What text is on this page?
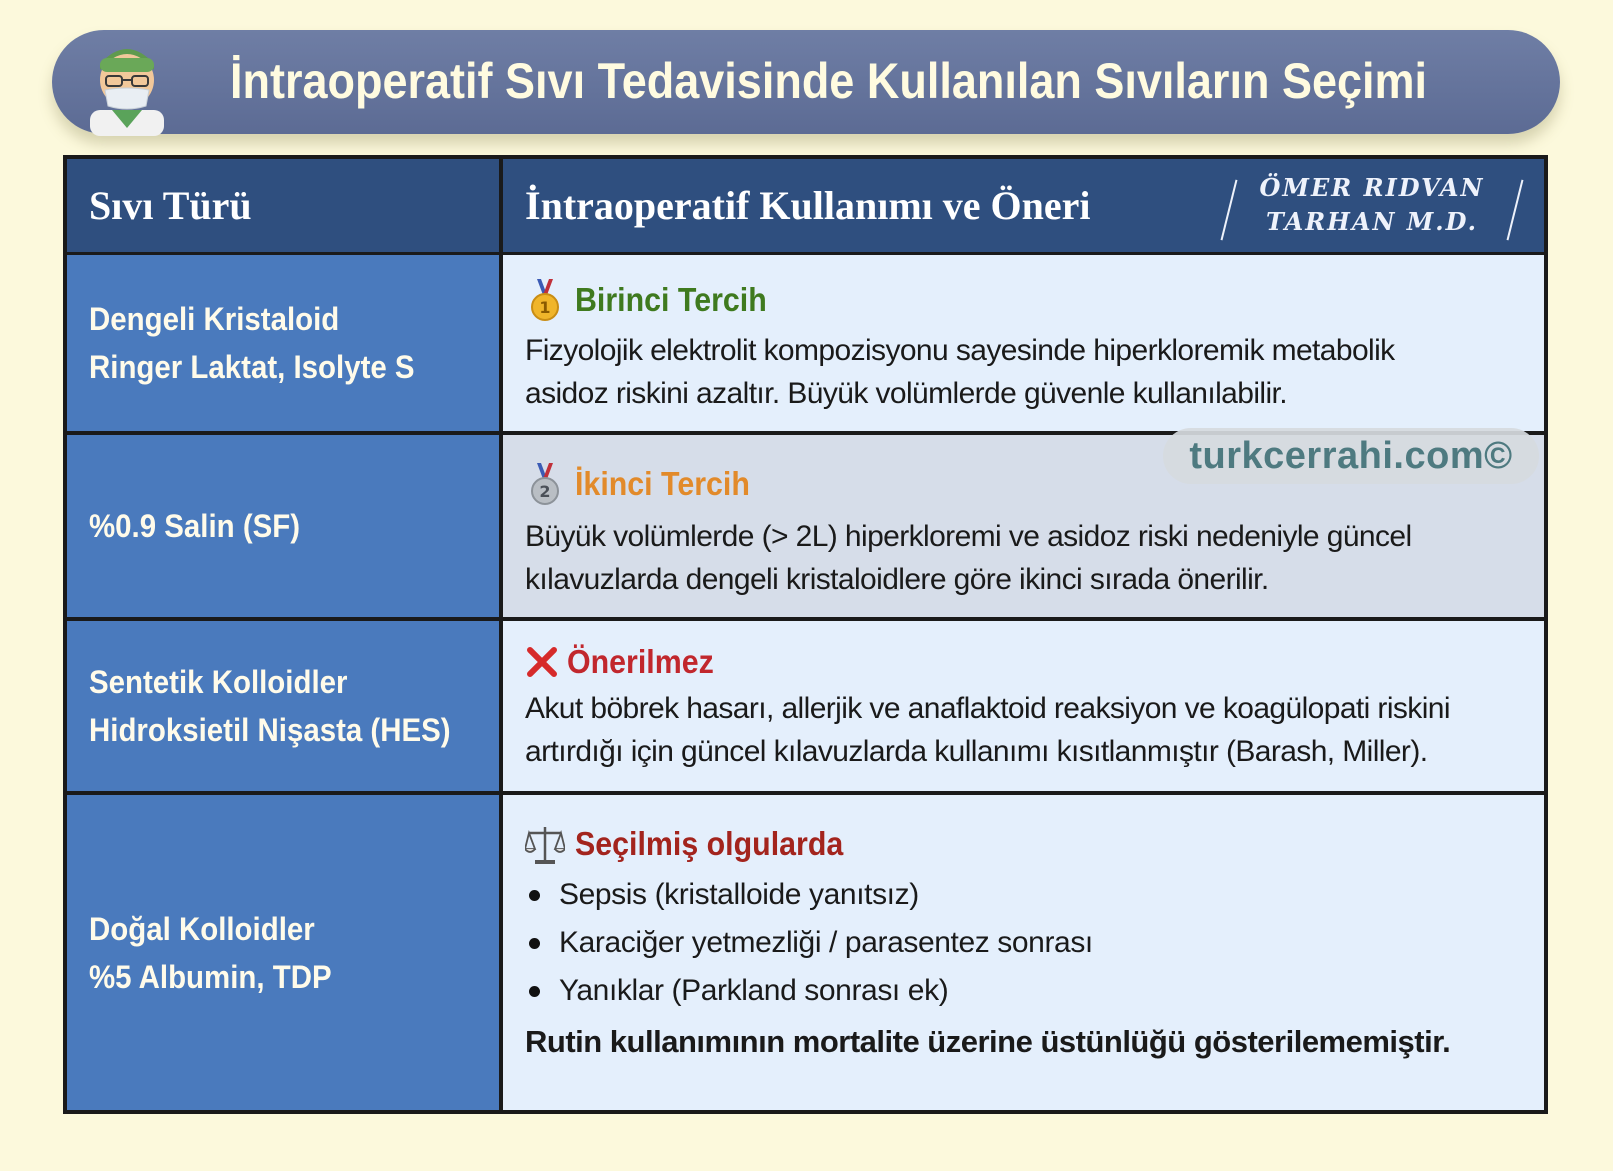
İntraoperatif Sıvı Tedavisinde Kullanılan Sıvıların Seçimi
Sıvı Türü	İntraoperatif Kullanımı ve Öneri	ÖMER RIDVAN
TARHAN M.D.
Dengeli Kristaloid
Ringer Laktat, Isolyte S
1 Birinci Tercih
Fizyolojik elektrolit kompozisyonu sayesinde hiperkloremik metabolik
asidoz riskini azaltır. Büyük volümlerde güvenle kullanılabilir.
%0.9 Salin (SF)
2 İkinci Tercih
Büyük volümlerde (> 2L) hiperkloremi ve asidoz riski nedeniyle güncel
kılavuzlarda dengeli kristaloidlere göre ikinci sırada önerilir.
Sentetik Kolloidler
Hidroksietil Nişasta (HES)
Önerilmez
Akut böbrek hasarı, allerjik ve anaflaktoid reaksiyon ve koagülopati riskini
artırdığı için güncel kılavuzlarda kullanımı kısıtlanmıştır (Barash, Miller).
Doğal Kolloidler
%5 Albumin, TDP
Seçilmiş olgularda
Sepsis (kristalloide yanıtsız)
Karaciğer yetmezliği / parasentez sonrası
Yanıklar (Parkland sonrası ek)
Rutin kullanımının mortalite üzerine üstünlüğü gösterilememiştir.
turkcerrahi.com©
